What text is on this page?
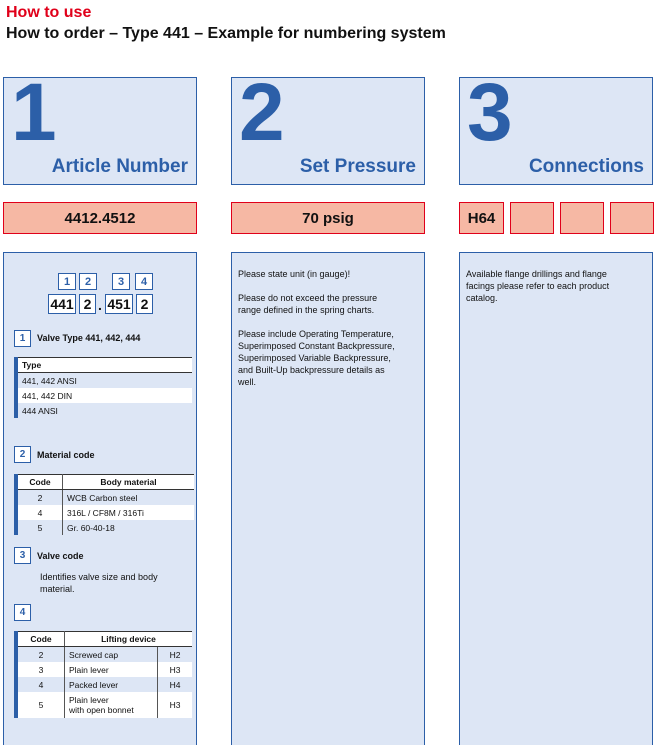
How to use
How to order – Type 441 – Example for numbering system
1
Article Number
2
Set Pressure
3
Connections
4412.4512	70 psig	H64
1	2	3	4
441 2 . 451 2
1	Valve Type 441, 442, 444
Type
441, 442 ANSI
441, 442 DIN
444 ANSI
2	Material code
Code	Body material
2	WCB Carbon steel
4	316L / CF8M / 316Ti
5	Gr. 60-40-18
3	Valve code
Identifies valve size and body
material.
4
Code	Lifting device	
2	Screwed cap	H2
3	Plain lever	H3
4	Packed lever	H4
5	Plain lever
with open bonnet	H3
Please state unit (in gauge)!
Please do not exceed the pressure
range defined in the spring charts.
Please include Operating Temperature,
Superimposed Constant Backpressure,
Superimposed Variable Backpressure,
and Built-Up backpressure details as
well.
Available flange drillings and flange
facings please refer to each product
catalog.
